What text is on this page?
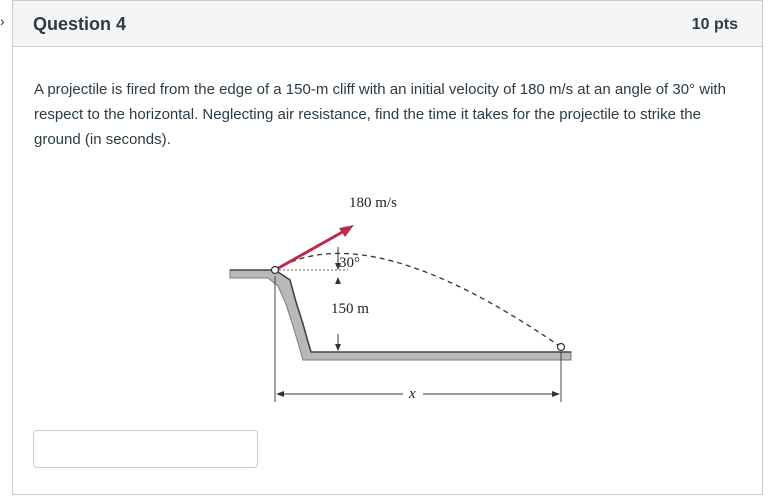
› Question 4	10 pts

A projectile is fired from the edge of a 150-m cliff with an initial velocity of 180 m/s at an angle of 30° with respect to the horizontal. Neglecting air resistance, find the time it takes for the projectile to strike the ground (in seconds).

180 m/s
30°
150 m
x
